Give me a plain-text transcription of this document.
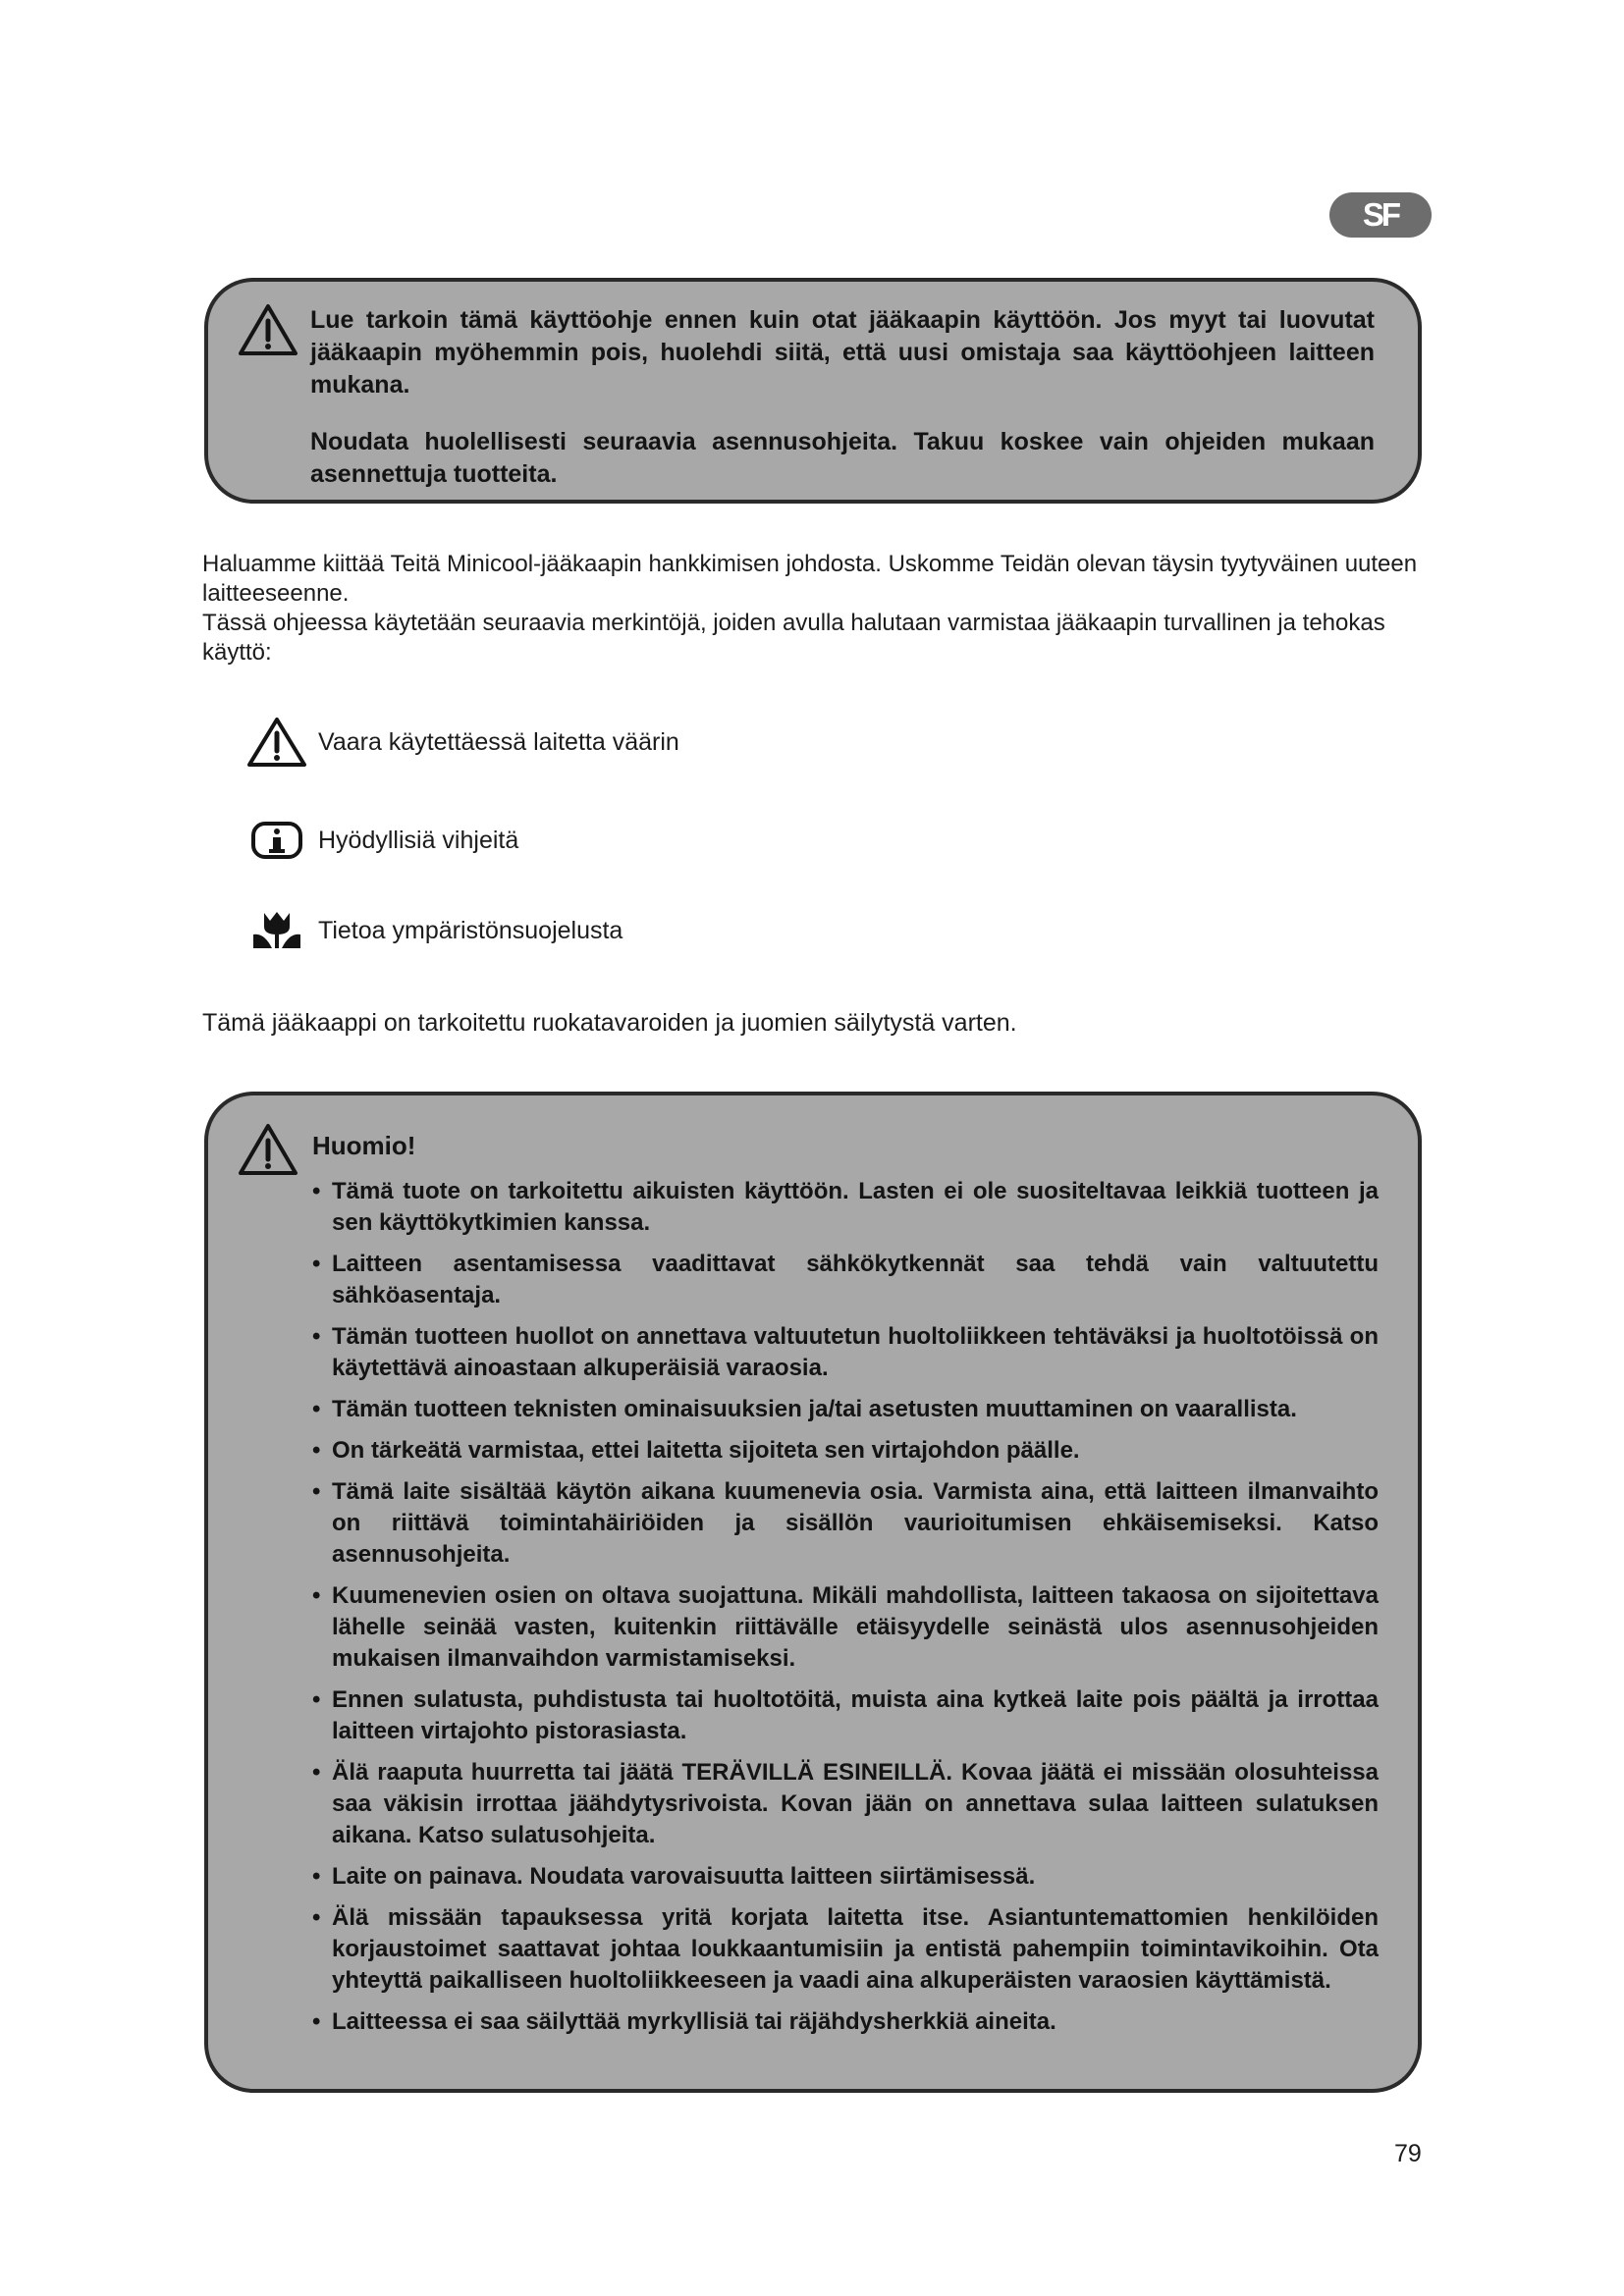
SF

Lue tarkoin tämä käyttöohje ennen kuin otat jääkaapin käyttöön. Jos myyt tai luovutat jääkaapin myöhemmin pois, huolehdi siitä, että uusi omistaja saa käyttöohjeen laitteen mukana.

Noudata huolellisesti seuraavia asennusohjeita. Takuu koskee vain ohjeiden mukaan asennettuja tuotteita.

Haluamme kiittää Teitä Minicool-jääkaapin hankkimisen johdosta. Uskomme Teidän olevan täysin tyytyväinen uuteen laitteeseenne.

Tässä ohjeessa käytetään seuraavia merkintöjä, joiden avulla halutaan varmistaa jääkaapin turvallinen ja tehokas käyttö:

Vaara käytettäessä laitetta väärin
Hyödyllisiä vihjeitä
Tietoa ympäristönsuojelusta
Tämä jääkaappi on tarkoitettu ruokatavaroiden ja juomien säilytystä varten.
Huomio!
• Tämä tuote on tarkoitettu aikuisten käyttöön. Lasten ei ole suositeltavaa leikkiä tuotteen ja sen käyttökytkimien kanssa.
• Laitteen asentamisessa vaadittavat sähkökytkennät saa tehdä vain valtuutettu sähköasentaja.
• Tämän tuotteen huollot on annettava valtuutetun huoltoliikkeen tehtäväksi ja huoltotöissä on käytettävä ainoastaan alkuperäisiä varaosia.
• Tämän tuotteen teknisten ominaisuuksien ja/tai asetusten muuttaminen on vaarallista.
• On tärkeätä varmistaa, ettei laitetta sijoiteta sen virtajohdon päälle.
• Tämä laite sisältää käytön aikana kuumenevia osia. Varmista aina, että laitteen ilmanvaihto on riittävä toimintahäiriöiden ja sisällön vaurioitumisen ehkäisemiseksi. Katso asennusohjeita.
• Kuumenevien osien on oltava suojattuna. Mikäli mahdollista, laitteen takaosa on sijoitettava lähelle seinää vasten, kuitenkin riittävälle etäisyydelle seinästä ulos asennusohjeiden mukaisen ilmanvaihdon varmistamiseksi.
• Ennen sulatusta, puhdistusta tai huoltotöitä, muista aina kytkeä laite pois päältä ja irrottaa laitteen virtajohto pistorasiasta.
• Älä raaputa huurretta tai jäätä TERÄVILLÄ ESINEILLÄ. Kovaa jäätä ei missään olosuhteissa saa väkisin irrottaa jäähdytysrivoista. Kovan jään on annettava sulaa laitteen sulatuksen aikana. Katso sulatusohjeita.
• Laite on painava. Noudata varovaisuutta laitteen siirtämisessä.
• Älä missään tapauksessa yritä korjata laitetta itse. Asiantuntemattomien henkilöiden korjaustoimet saattavat johtaa loukkaantumisiin ja entistä pahempiin toimintavikoihin. Ota yhteyttä paikalliseen huoltoliikkeeseen ja vaadi aina alkuperäisten varaosien käyttämistä.
• Laitteessa ei saa säilyttää myrkyllisiä tai räjähdysherkkiä aineita.
79
